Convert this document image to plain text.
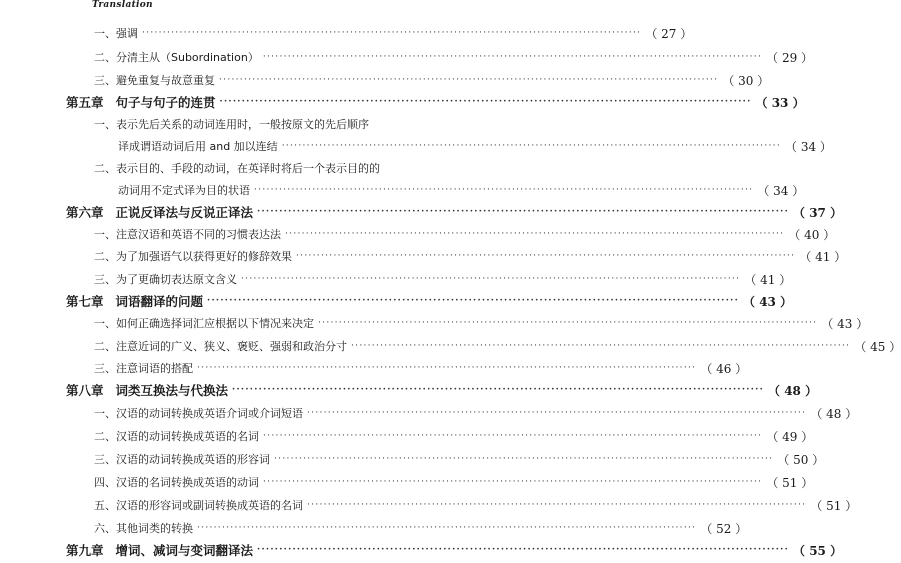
Translation
一、强调 ························································································································ （ 27 ）
二、分清主从（Subordination） ························································································································ （ 29 ）
三、避免重复与故意重复 ························································································································ （ 30 ）
第五章 句子与句子的连贯 ························································································································ （ 33 ）
一、表示先后关系的动词连用时，一般按原文的先后顺序
译成谓语动词后用 and 加以连结 ························································································································ （ 34 ）
二、表示目的、手段的动词，在英译时将后一个表示目的的
动词用不定式译为目的状语 ························································································································ （ 34 ）
第六章 正说反译法与反说正译法 ························································································································ （ 37 ）
一、注意汉语和英语不同的习惯表达法 ························································································································ （ 40 ）
二、为了加强语气以获得更好的修辞效果 ························································································································ （ 41 ）
三、为了更确切表达原文含义 ························································································································ （ 41 ）
第七章 词语翻译的问题 ························································································································ （ 43 ）
一、如何正确选择词汇应根据以下情况来决定 ························································································································ （ 43 ）
二、注意近词的广义、狭义、褒贬、强弱和政治分寸 ························································································································ （ 45 ）
三、注意词语的搭配 ························································································································ （ 46 ）
第八章 词类互换法与代换法 ························································································································ （ 48 ）
一、汉语的动词转换成英语介词或介词短语 ························································································································ （ 48 ）
二、汉语的动词转换成英语的名词 ························································································································ （ 49 ）
三、汉语的动词转换成英语的形容词 ························································································································ （ 50 ）
四、汉语的名词转换成英语的动词 ························································································································ （ 51 ）
五、汉语的形容词或副词转换成英语的名词 ························································································································ （ 51 ）
六、其他词类的转换 ························································································································ （ 52 ）
第九章 增词、减词与变词翻译法 ························································································································ （ 55 ）
